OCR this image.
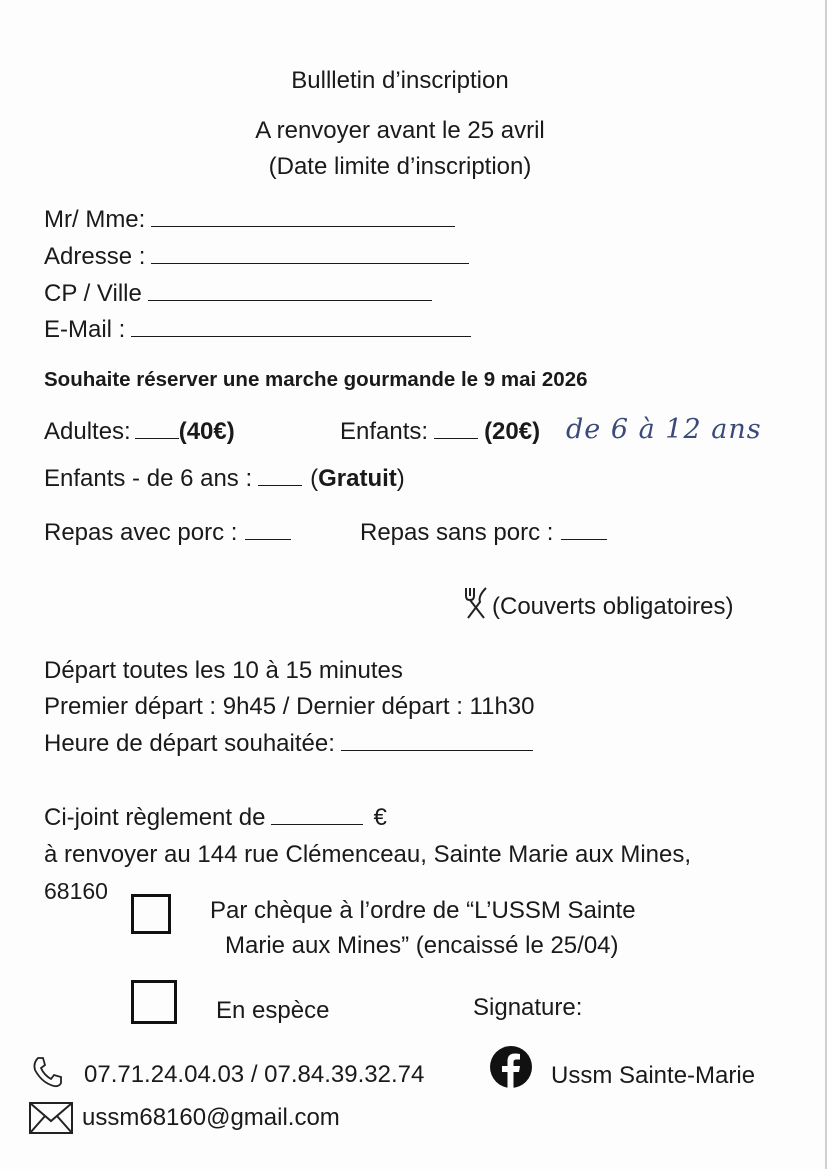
Bullletin d’inscription
A renvoyer avant le 25 avril
(Date limite d’inscription)
Mr/ Mme:
Adresse :
CP / Ville
E-Mail :
Souhaite réserver une marche gourmande le 9 mai 2026
Adultes: (40€)	Enfants: (20€) de 6 à 12 ans
Enfants - de 6 ans : (Gratuit)
Repas avec porc :	Repas sans porc :
(Couverts obligatoires)
Départ toutes les 10 à 15 minutes
Premier départ : 9h45 / Dernier départ : 11h30
Heure de départ souhaitée:
Ci-joint règlement de	€
à renvoyer au 144 rue Clémenceau, Sainte Marie aux Mines,
68160
Par chèque à l’ordre de “L’USSM Sainte
Marie aux Mines” (encaissé le 25/04)
En espèce	Signature:
07.71.24.04.03 / 07.84.39.32.74	Ussm Sainte-Marie
ussm68160@gmail.com
